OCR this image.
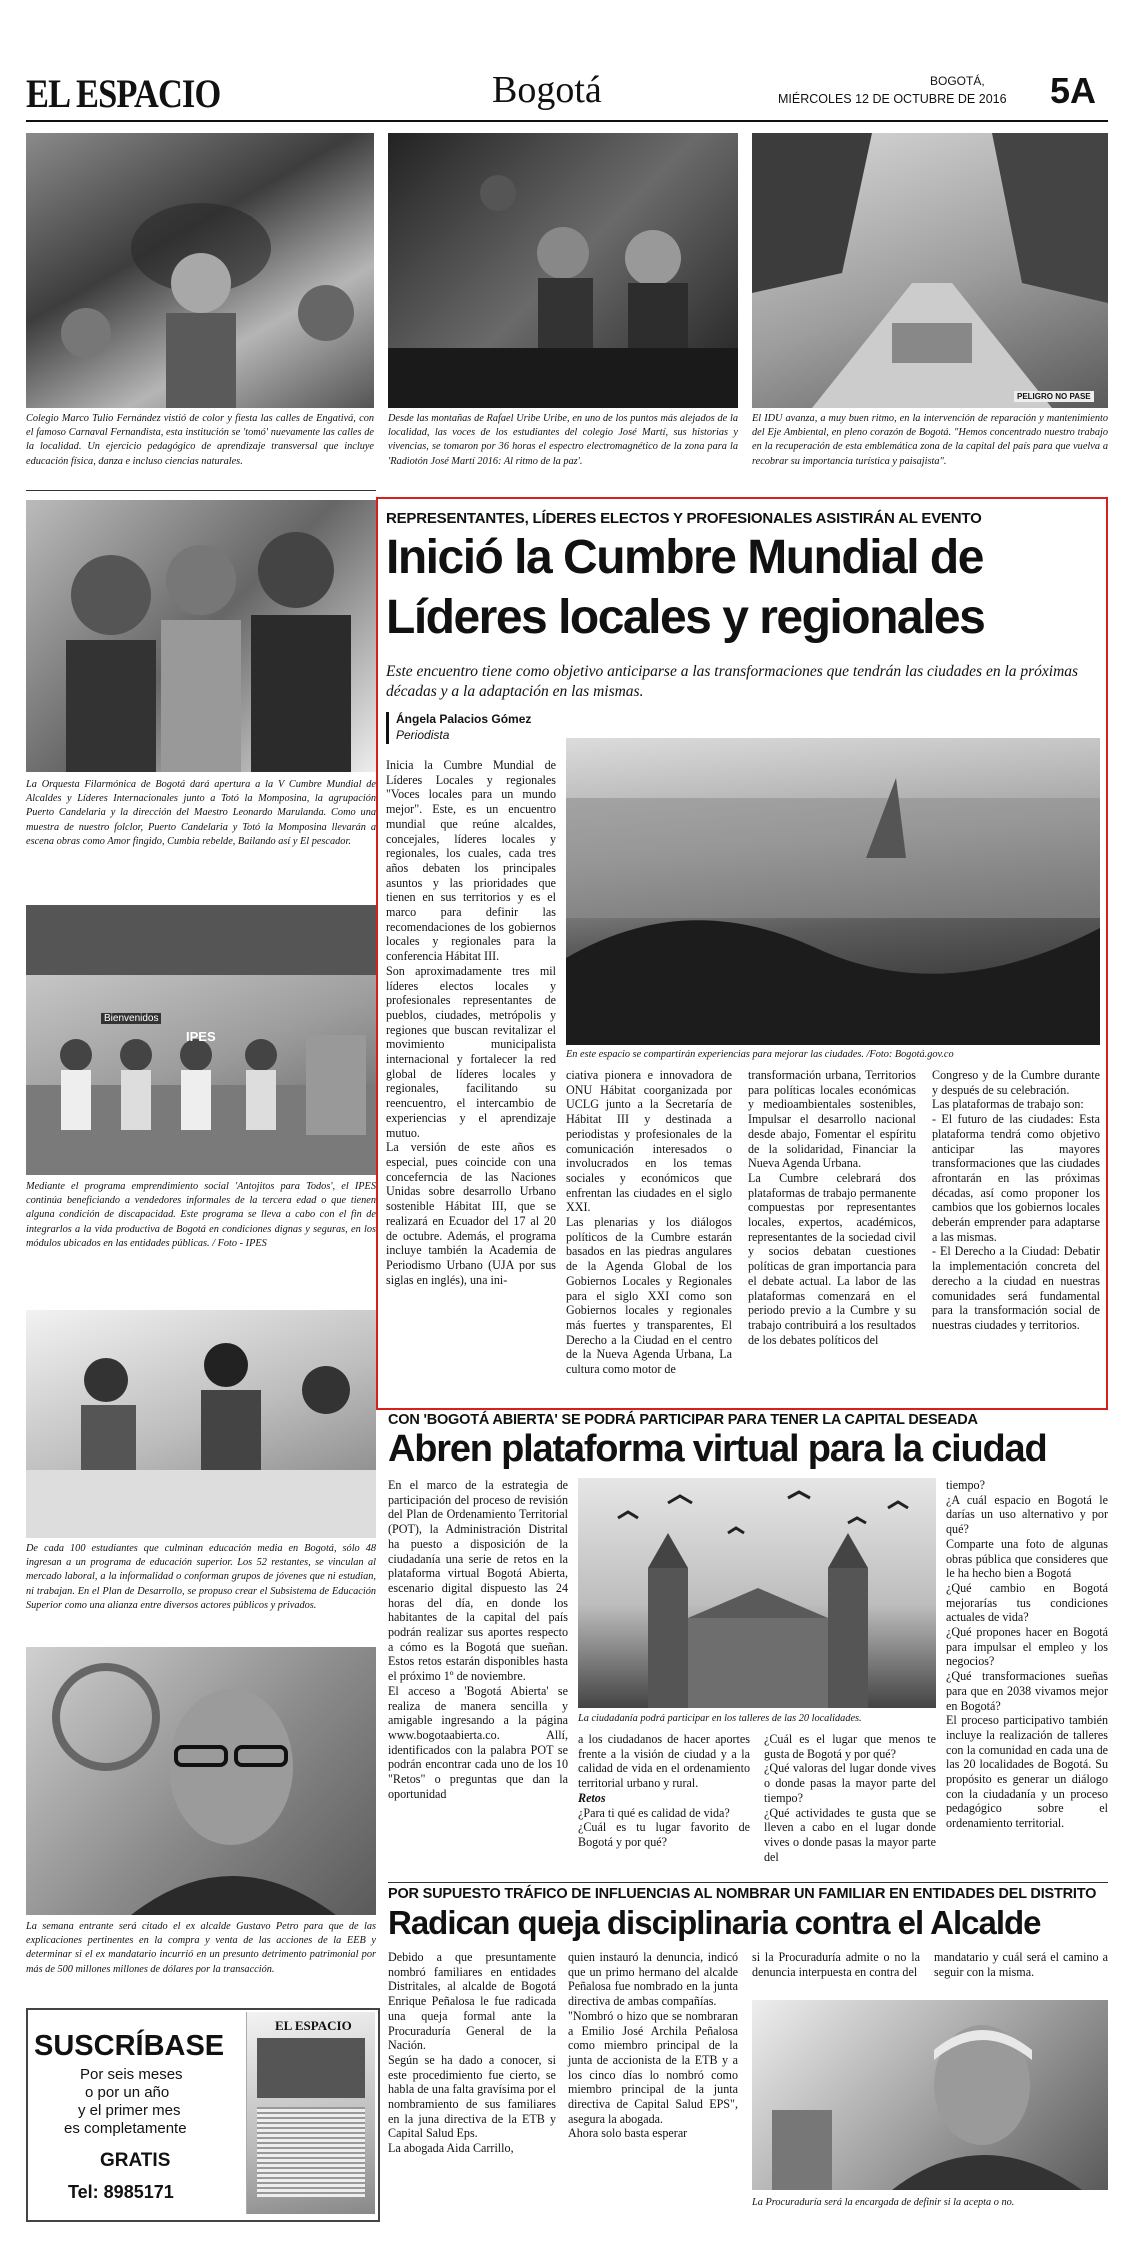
EL ESPACIO	Bogotá	BOGOTÁ,
MIÉRCOLES 12 DE OCTUBRE DE 2016 5A

Colegio Marco Tulio Fernández vistió de color y fiesta las calles de Engativá, con el famoso Carnaval Fernandista, esta institución se 'tomó' nuevamente las calles de la localidad. Un ejercicio pedagógico de aprendizaje transversal que incluye educación física, danza e incluso ciencias naturales.

Desde las montañas de Rafael Uribe Uribe, en uno de los puntos más alejados de la localidad, las voces de los estudiantes del colegio José Martí, sus historias y vivencias, se tomaron por 36 horas el espectro electromagnético de la zona para la 'Radiotón José Martí 2016: Al ritmo de la paz'.

PELIGRO NO PASE

El IDU avanza, a muy buen ritmo, en la intervención de reparación y mantenimiento del Eje Ambiental, en pleno corazón de Bogotá. "Hemos concentrado nuestro trabajo en la recuperación de esta emblemática zona de la capital del país para que vuelva a recobrar su importancia turística y paisajista".

La Orquesta Filarmónica de Bogotá dará apertura a la V Cumbre Mundial de Alcaldes y Líderes Internacionales junto a Totó la Momposina, la agrupación Puerto Candelaria y la dirección del Maestro Leonardo Marulanda. Como una muestra de nuestro folclor, Puerto Candelaria y Totó la Momposina llevarán a escena obras como Amor fingido, Cumbia rebelde, Bailando así y El pescador.

Bienvenidos
IPES

Mediante el programa emprendimiento social 'Antojitos para Todos', el IPES continúa beneficiando a vendedores informales de la tercera edad o que tienen alguna condición de discapacidad. Este programa se lleva a cabo con el fin de integrarlos a la vida productiva de Bogotá en condiciones dignas y seguras, en los módulos ubicados en las entidades públicas. / Foto - IPES

De cada 100 estudiantes que culminan educación media en Bogotá, sólo 48 ingresan a un programa de educación superior. Los 52 restantes, se vinculan al mercado laboral, a la informalidad o conforman grupos de jóvenes que ni estudian, ni trabajan. En el Plan de Desarrollo, se propuso crear el Subsistema de Educación Superior como una alianza entre diversos actores públicos y privados.

La semana entrante será citado el ex alcalde Gustavo Petro para que de las explicaciones pertinentes en la compra y venta de las acciones de la EEB y determinar si el ex mandatario incurrió en un presunto detrimento patrimonial por más de 500 millones millones de dólares por la transacción.

SUSCRÍBASE
Por seis meses
o por un año
y el primer mes
es completamente
GRATIS
Tel: 8985171
EL ESPACIO
REPRESENTANTES, LÍDERES ELECTOS Y PROFESIONALES ASISTIRÁN AL EVENTO
Inició la Cumbre Mundial de
Líderes locales y regionales

Este encuentro tiene como objetivo anticiparse a las transformaciones que tendrán las ciudades en la próximas décadas y a la adaptación en las mismas.

Ángela Palacios Gómez
Periodista

En este espacio se compartirán experiencias para mejorar las ciudades. /Foto: Bogotá.gov.co

Inicia la Cumbre Mundial de Líderes Locales y regionales "Voces locales para un mundo mejor". Este, es un encuentro mundial que reúne alcaldes, concejales, líderes locales y regionales, los cuales, cada tres años debaten los principales asuntos y las prioridades que tienen en sus territorios y es el marco para definir las recomendaciones de los gobiernos locales y regionales para la conferencia Hábitat III.

Son aproximadamente tres mil líderes electos locales y profesionales representantes de pueblos, ciudades, metrópolis y regiones que buscan revitalizar el movimiento municipalista internacional y fortalecer la red global de líderes locales y regionales, facilitando su reencuentro, el intercambio de experiencias y el aprendizaje mutuo.

La versión de este años es especial, pues coincide con una conceferncia de las Naciones Unidas sobre desarrollo Urbano sostenible Hábitat III, que se realizará en Ecuador del 17 al 20 de octubre. Además, el programa incluye también la Academia de Periodismo Urbano (UJA por sus siglas en inglés), una ini-

ciativa pionera e innovadora de ONU Hábitat coorganizada por UCLG junto a la Secretaría de Hábitat III y destinada a periodistas y profesionales de la comunicación interesados o involucrados en los temas sociales y económicos que enfrentan las ciudades en el siglo XXI.

Las plenarias y los diálogos políticos de la Cumbre estarán basados en las piedras angulares de la Agenda Global de los Gobiernos Locales y Regionales para el siglo XXI como son Gobiernos locales y regionales más fuertes y transparentes, El Derecho a la Ciudad en el centro de la Nueva Agenda Urbana, La cultura como motor de

transformación urbana, Territorios para políticas locales económicas y medioambientales sostenibles, Impulsar el desarrollo nacional desde abajo, Fomentar el espíritu de la solidaridad, Financiar la Nueva Agenda Urbana.

La Cumbre celebrará dos plataformas de trabajo permanente compuestas por representantes locales, expertos, académicos, representantes de la sociedad civil y socios debatan cuestiones políticas de gran importancia para el debate actual. La labor de las plataformas comenzará en el periodo previo a la Cumbre y su trabajo contribuirá a los resultados de los debates políticos del

Congreso y de la Cumbre durante y después de su celebración.

Las plataformas de trabajo son:

- El futuro de las ciudades: Esta plataforma tendrá como objetivo anticipar las mayores transformaciones que las ciudades afrontarán en las próximas décadas, así como proponer los cambios que los gobiernos locales deberán emprender para adaptarse a las mismas.

- El Derecho a la Ciudad: Debatir la implementación concreta del derecho a la ciudad en nuestras comunidades será fundamental para la transformación social de nuestras ciudades y territorios.

CON 'BOGOTÁ ABIERTA' SE PODRÁ PARTICIPAR PARA TENER LA CAPITAL DESEADA
Abren plataforma virtual para la ciudad

En el marco de la estrategia de participación del proceso de revisión del Plan de Ordenamiento Territorial (POT), la Administración Distrital ha puesto a disposición de la ciudadanía una serie de retos en la plataforma virtual Bogotá Abierta, escenario digital dispuesto las 24 horas del día, en donde los habitantes de la capital del país podrán realizar sus aportes respecto a cómo es la Bogotá que sueñan. Estos retos estarán disponibles hasta el próximo 1º de noviembre.

El acceso a 'Bogotá Abierta' se realiza de manera sencilla y amigable ingresando a la página www.bogotaabierta.co. Allí, identificados con la palabra POT se podrán encontrar cada uno de los 10 "Retos" o preguntas que dan la oportunidad

La ciudadanía podrá participar en los talleres de las 20 localidades.

a los ciudadanos de hacer aportes frente a la visión de ciudad y a la calidad de vida en el ordenamiento territorial urbano y rural.

Retos

¿Para ti qué es calidad de vida?

¿Cuál es tu lugar favorito de Bogotá y por qué?

¿Cuál es el lugar que menos te gusta de Bogotá y por qué?

¿Qué valoras del lugar donde vives o donde pasas la mayor parte del tiempo?

¿Qué actividades te gusta que se lleven a cabo en el lugar donde vives o donde pasas la mayor parte del

tiempo?

¿A cuál espacio en Bogotá le darías un uso alternativo y por qué?

Comparte una foto de algunas obras pública que consideres que le ha hecho bien a Bogotá

¿Qué cambio en Bogotá mejorarías tus condiciones actuales de vida?

¿Qué propones hacer en Bogotá para impulsar el empleo y los negocios?

¿Qué transformaciones sueñas para que en 2038 vivamos mejor en Bogotá?

El proceso participativo también incluye la realización de talleres con la comunidad en cada una de las 20 localidades de Bogotá. Su propósito es generar un diálogo con la ciudadanía y un proceso pedagógico sobre el ordenamiento territorial.

POR SUPUESTO TRÁFICO DE INFLUENCIAS AL NOMBRAR UN FAMILIAR EN ENTIDADES DEL DISTRITO
Radican queja disciplinaria contra el Alcalde

Debido a que presuntamente nombró familiares en entidades Distritales, al alcalde de Bogotá Enrique Peñalosa le fue radicada una queja formal ante la Procuraduría General de la Nación.

Según se ha dado a conocer, si este procedimiento fue cierto, se habla de una falta gravísima por el nombramiento de sus familiares en la juna directiva de la ETB y Capital Salud Eps.

La abogada Aida Carrillo,

quien instauró la denuncia, indicó que un primo hermano del alcalde Peñalosa fue nombrado en la junta directiva de ambas compañías.

"Nombró o hizo que se nombraran a Emilio José Archila Peñalosa como miembro principal de la junta de accionista de la ETB y a los cinco días lo nombró como miembro principal de la junta directiva de Capital Salud EPS", asegura la abogada.

Ahora solo basta esperar

si la Procuraduría admite o no la denuncia interpuesta en contra del

mandatario y cuál será el camino a seguir con la misma.

La Procuraduría será la encargada de definir si la acepta o no.
